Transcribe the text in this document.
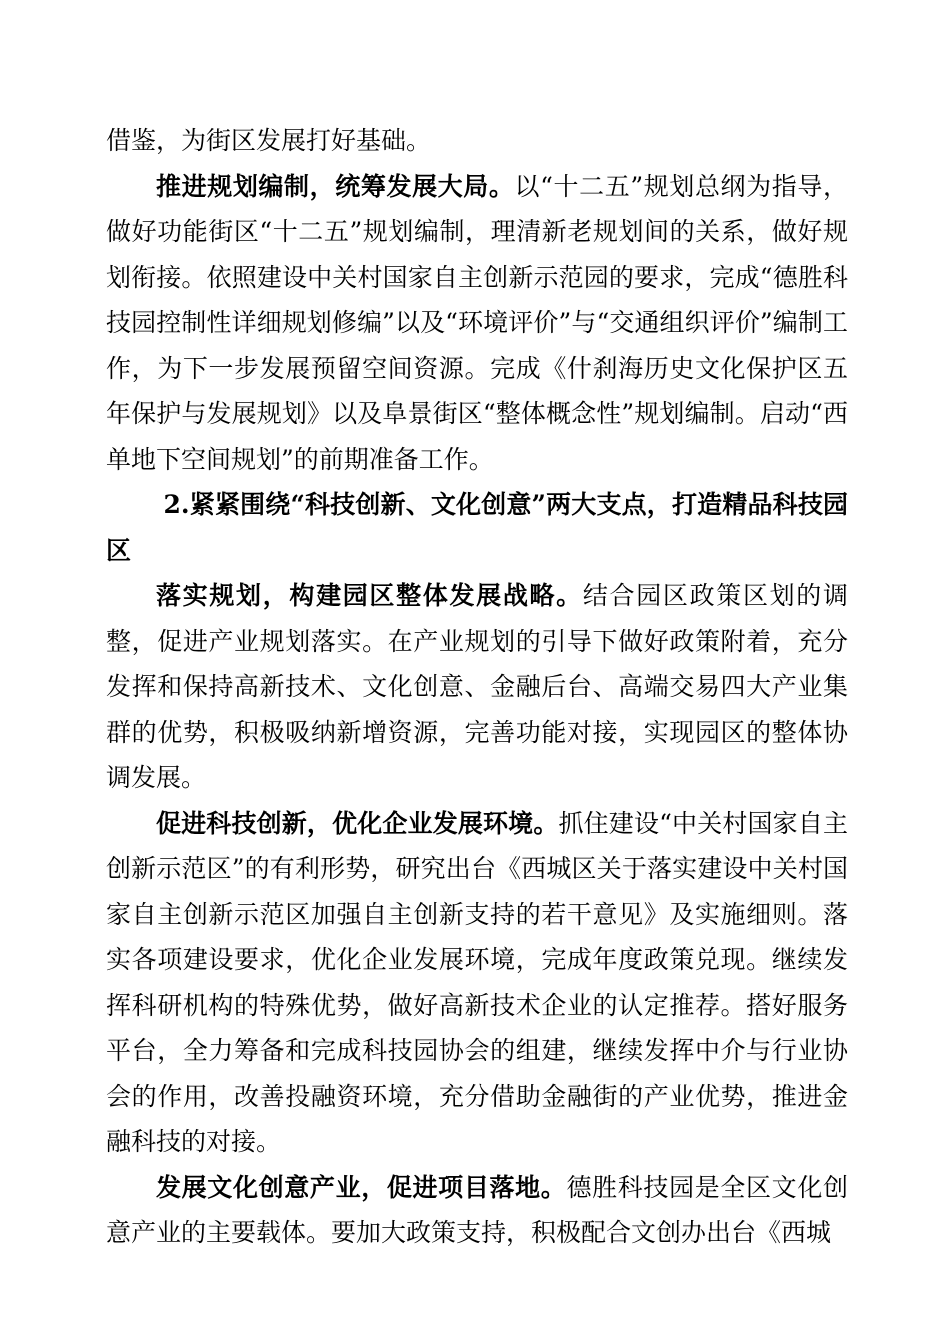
借鉴，为街区发展打好基础。

推进规划编制，统筹发展大局。以“十二五”规划总纲为指导，做好功能街区“十二五”规划编制，理清新老规划间的关系，做好规划衔接。依照建设中关村国家自主创新示范园的要求，完成“德胜科技园控制性详细规划修编”以及“环境评价”与“交通组织评价”编制工作，为下一步发展预留空间资源。完成《什刹海历史文化保护区五年保护与发展规划》以及阜景街区“整体概念性”规划编制。启动“西单地下空间规划”的前期准备工作。

2.紧紧围绕“科技创新、文化创意”两大支点，打造精品科技园区

落实规划，构建园区整体发展战略。结合园区政策区划的调整，促进产业规划落实。在产业规划的引导下做好政策附着，充分发挥和保持高新技术、文化创意、金融后台、高端交易四大产业集群的优势，积极吸纳新增资源，完善功能对接，实现园区的整体协调发展。

促进科技创新，优化企业发展环境。抓住建设“中关村国家自主创新示范区”的有利形势，研究出台《西城区关于落实建设中关村国家自主创新示范区加强自主创新支持的若干意见》及实施细则。落实各项建设要求，优化企业发展环境，完成年度政策兑现。继续发挥科研机构的特殊优势，做好高新技术企业的认定推荐。搭好服务平台，全力筹备和完成科技园协会的组建，继续发挥中介与行业协会的作用，改善投融资环境，充分借助金融街的产业优势，推进金融科技的对接。

发展文化创意产业，促进项目落地。德胜科技园是全区文化创意产业的主要载体。要加大政策支持，积极配合文创办出台《西城
